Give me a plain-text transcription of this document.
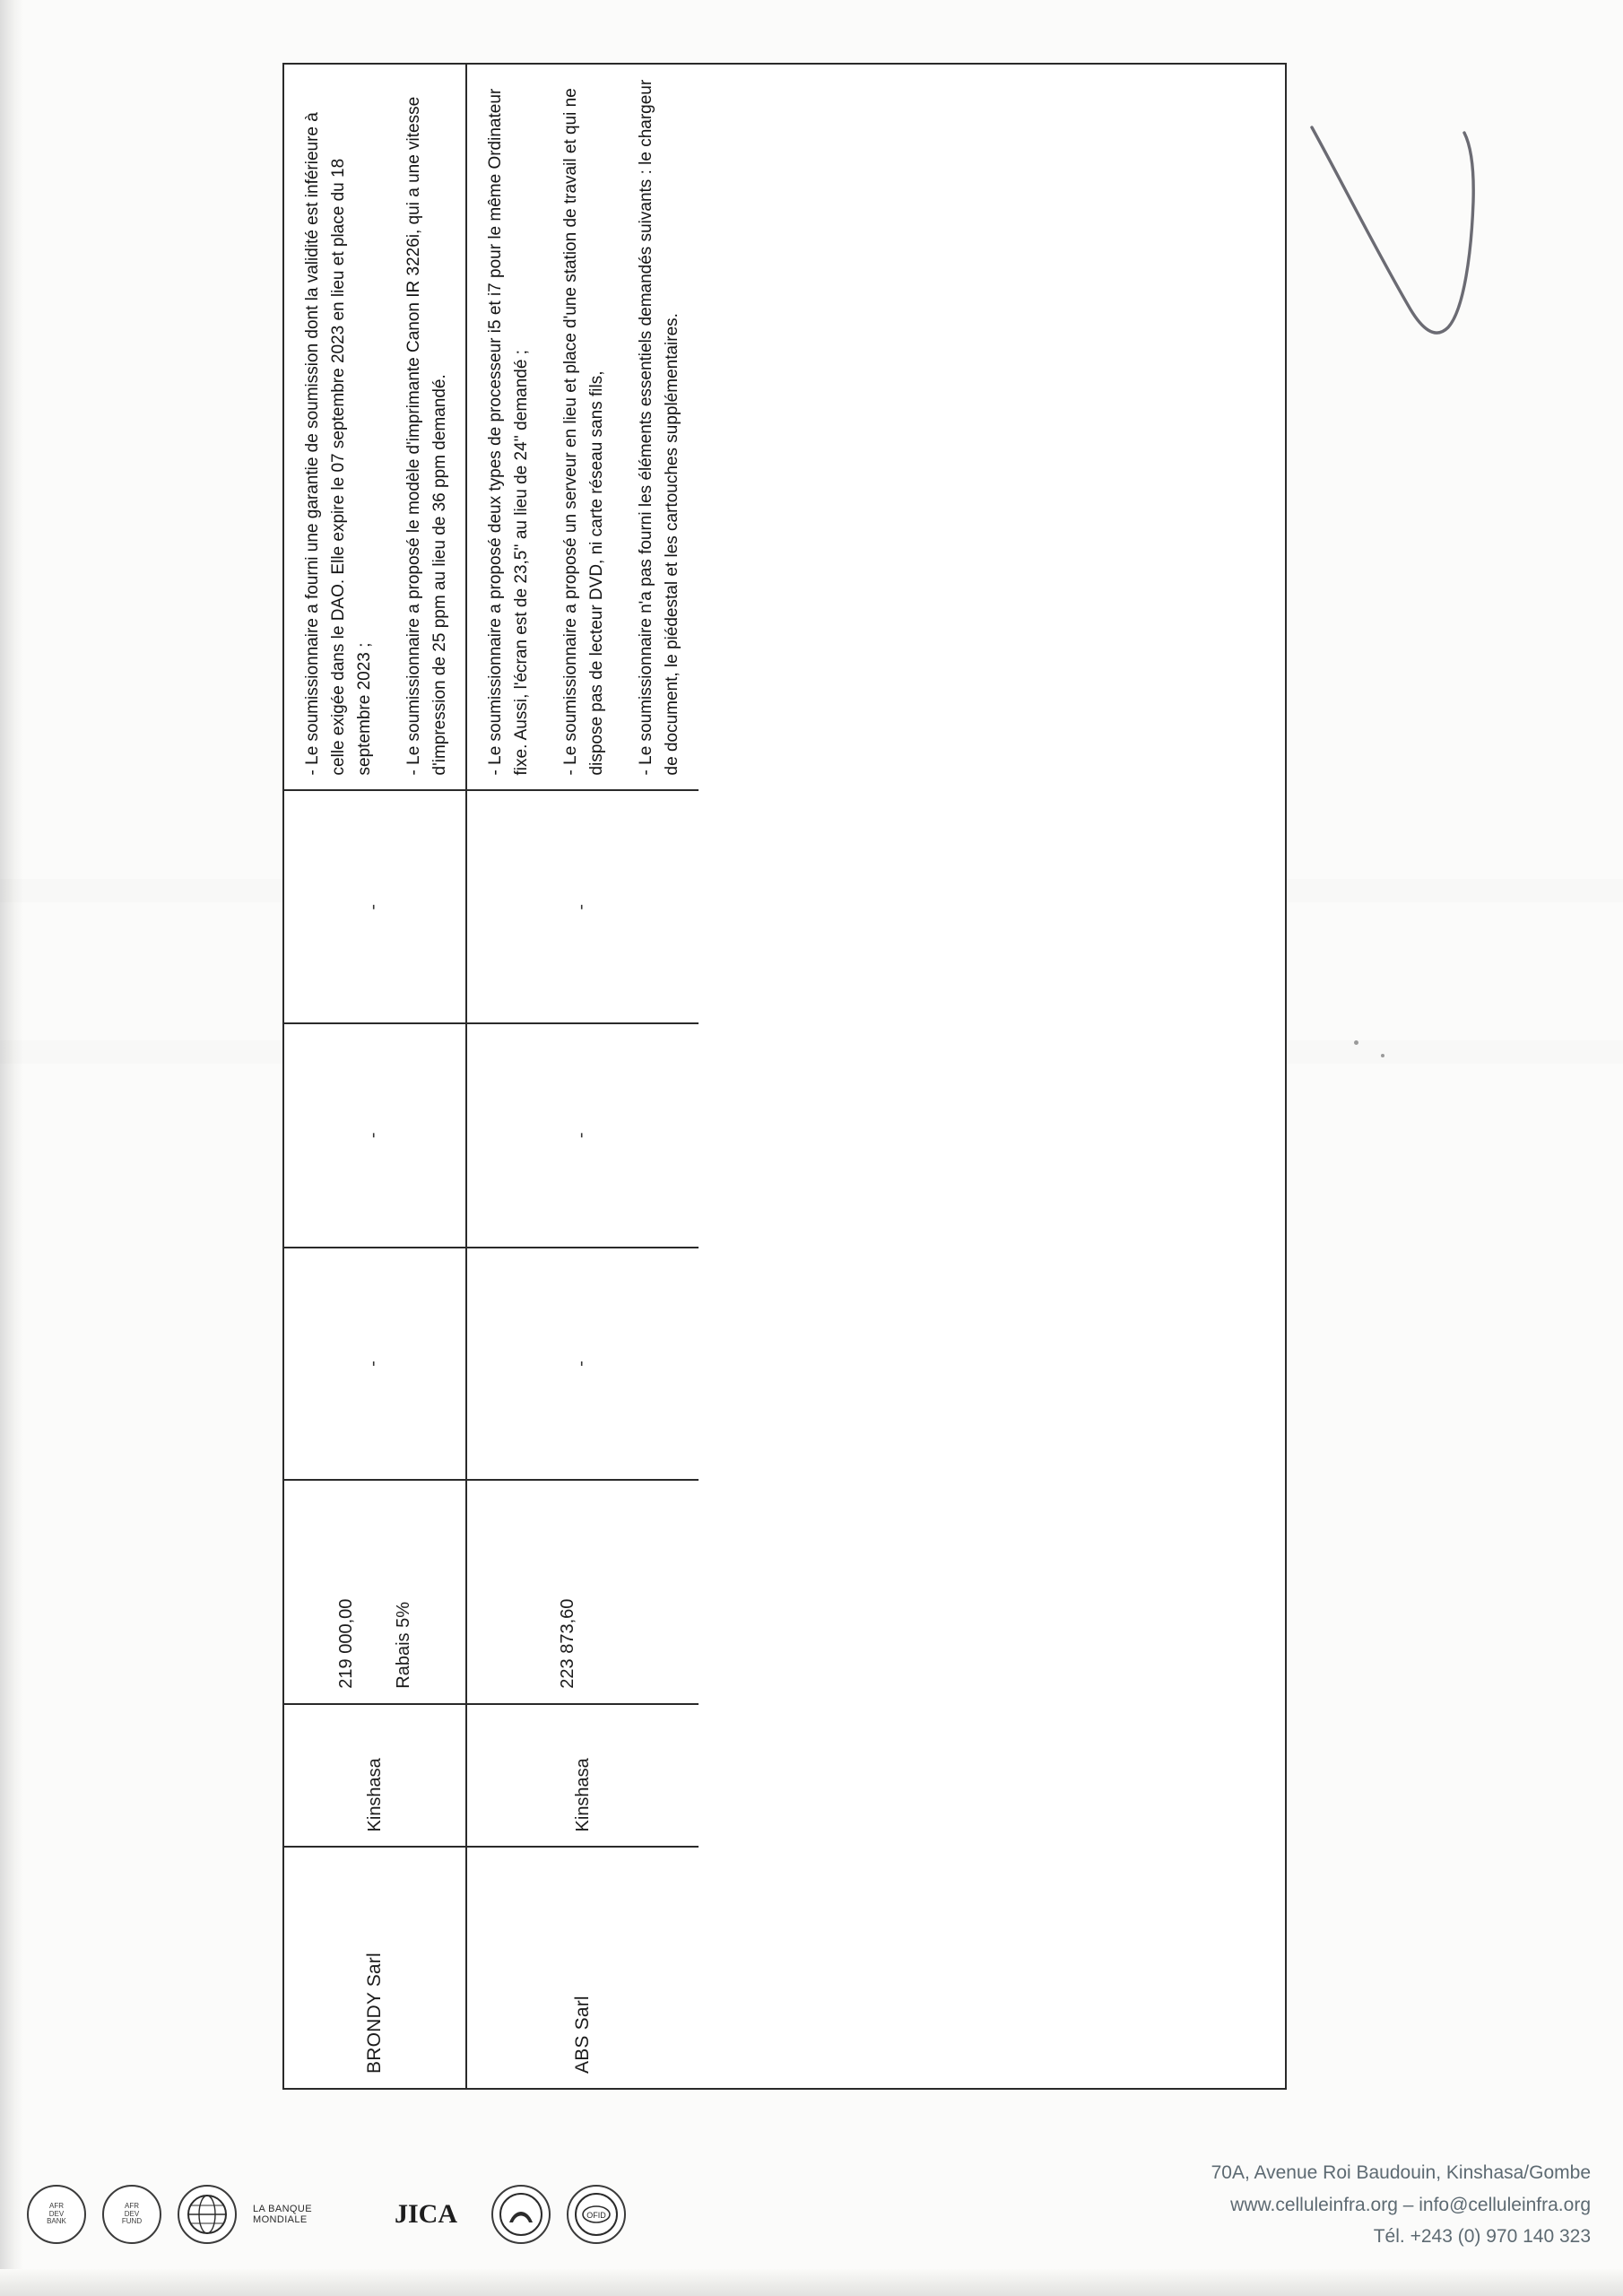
BRONDY Sarl
Kinshasa
219 000,00 Rabais 5%
-
-
-

- Le soumissionnaire a fourni une garantie de soumission dont la validité est inférieure à celle exigée dans le DAO. Elle expire le 07 septembre 2023 en lieu et place du 18 septembre 2023 ; - Le soumissionnaire a proposé le modèle d'imprimante Canon IR 3226i, qui a une vitesse d'impression de 25 ppm au lieu de 36 ppm demandé.

ABS Sarl
Kinshasa
223 873,60
-
-
-

- Le soumissionnaire a proposé deux types de processeur i5 et i7 pour le même Ordinateur fixe. Aussi, l'écran est de 23,5'' au lieu de 24'' demandé ; - Le soumissionnaire a proposé un serveur en lieu et place d'une station de travail et qui ne dispose pas de lecteur DVD, ni carte réseau sans fils, - Le soumissionnaire n'a pas fourni les éléments essentiels demandés suivants : le chargeur de document, le piédestal et les cartouches supplémentaires.

AFR
DEV
BANK
AFR
DEV
FUND
LA BANQUE
MONDIALE	JICA	OFID
70A, Avenue Roi Baudouin, Kinshasa/Gombe
www.celluleinfra.org – info@celluleinfra.org
Tél. +243 (0) 970 140 323
